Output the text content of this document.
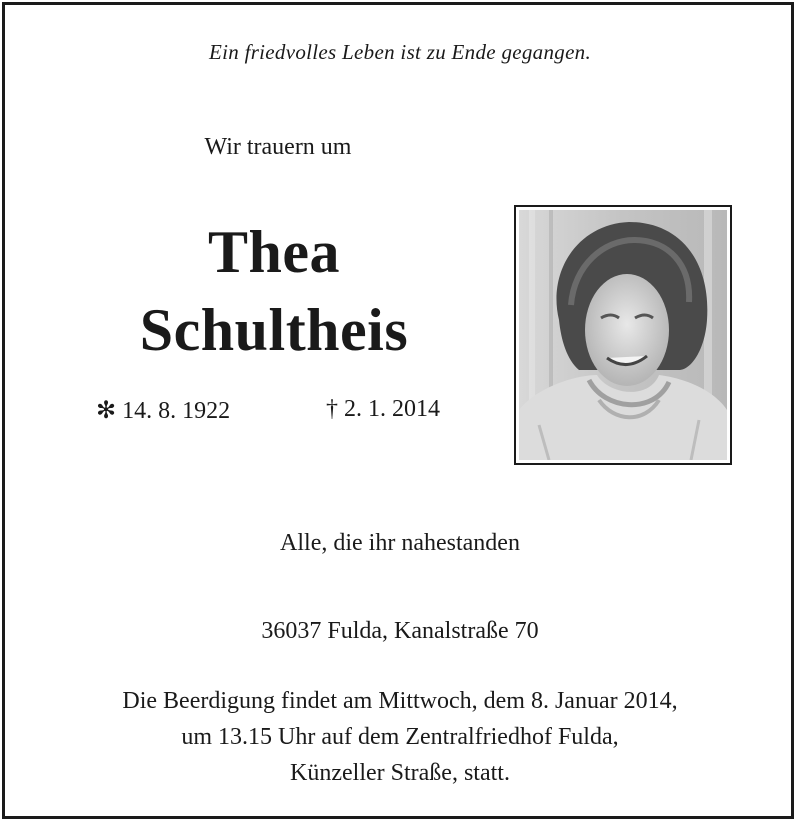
Ein friedvolles Leben ist zu Ende gegangen.
Wir trauern um
Thea
Schultheis
✻ 14. 8. 1922	† 2. 1. 2014
Alle, die ihr nahestanden
36037 Fulda, Kanalstraße 70
Die Beerdigung findet am Mittwoch, dem 8. Januar 2014,
um 13.15 Uhr auf dem Zentralfriedhof Fulda,
Künzeller Straße, statt.
